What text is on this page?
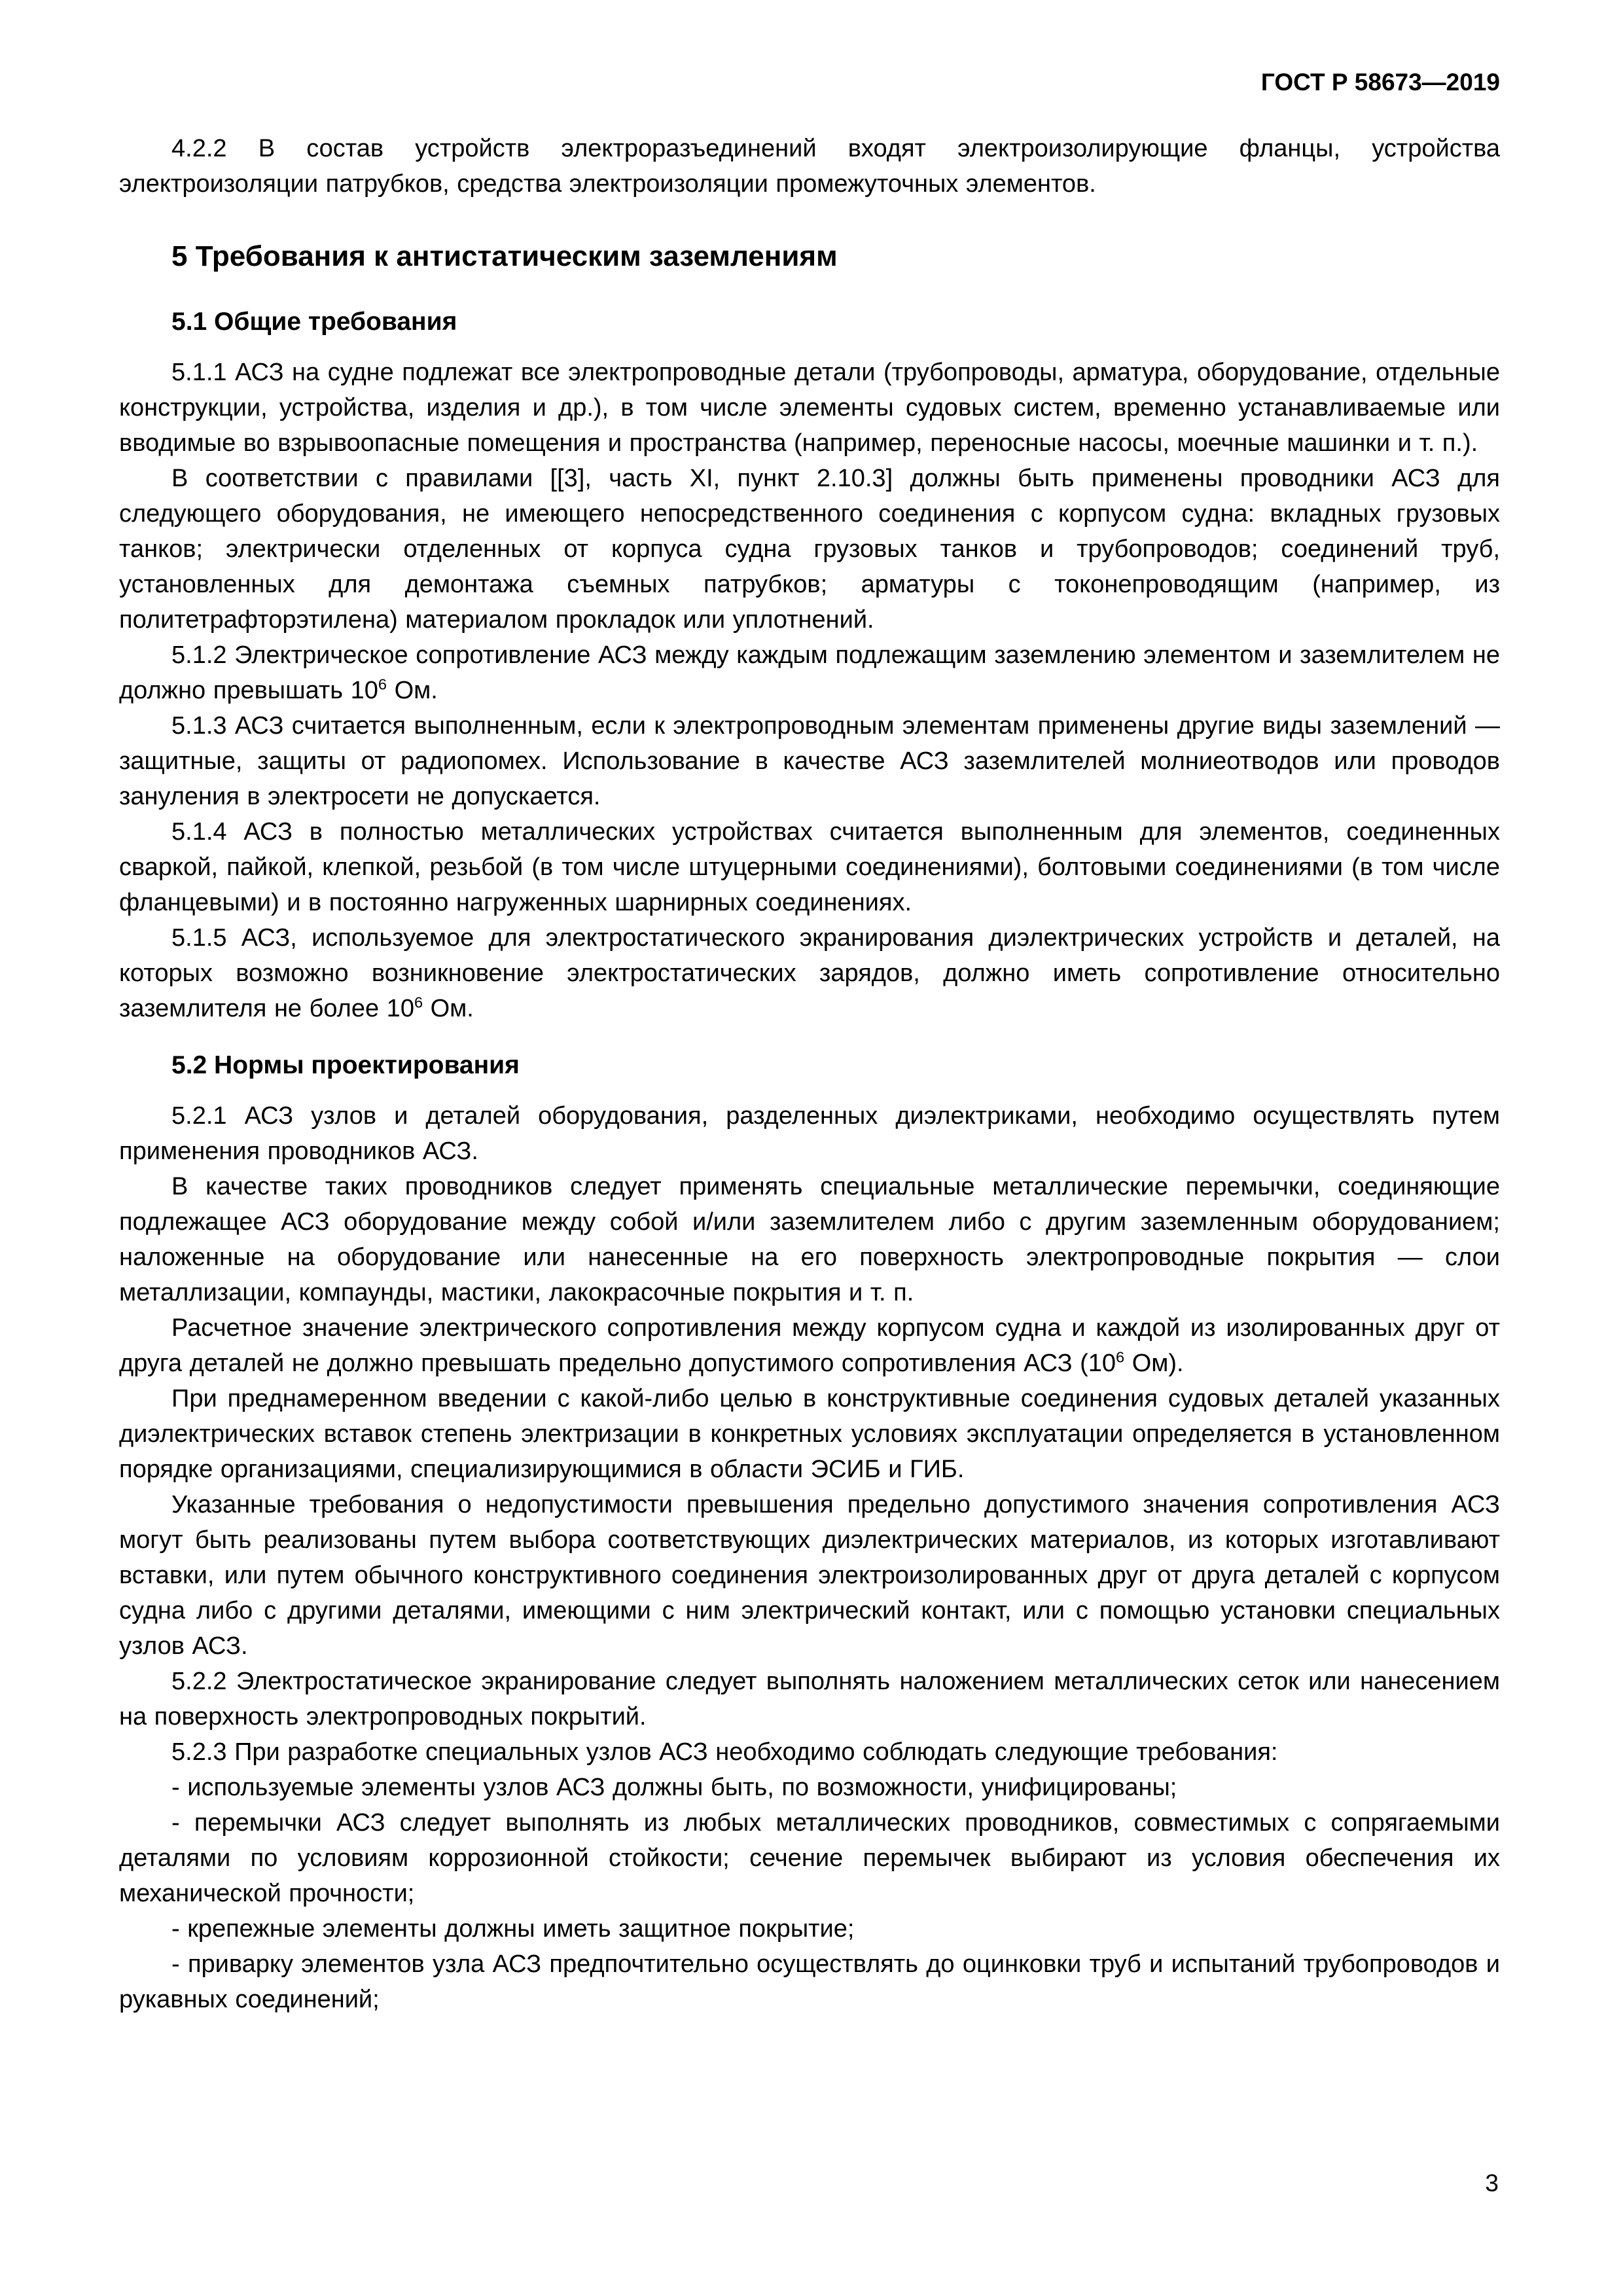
ГОСТ Р 58673—2019
4.2.2 В состав устройств электроразъединений входят электроизолирующие фланцы, устройства электроизоляции патрубков, средства электроизоляции промежуточных элементов.
5 Требования к антистатическим заземлениям
5.1 Общие требования
5.1.1 АСЗ на судне подлежат все электропроводные детали (трубопроводы, арматура, оборудование, отдельные конструкции, устройства, изделия и др.), в том числе элементы судовых систем, временно устанавливаемые или вводимые во взрывоопасные помещения и пространства (например, переносные насосы, моечные машинки и т. п.).
В соответствии с правилами [[3], часть XI, пункт 2.10.3] должны быть применены проводники АСЗ для следующего оборудования, не имеющего непосредственного соединения с корпусом судна: вкладных грузовых танков; электрически отделенных от корпуса судна грузовых танков и трубопроводов; соединений труб, установленных для демонтажа съемных патрубков; арматуры с токонепроводящим (например, из политетрафторэтилена) материалом прокладок или уплотнений.
5.1.2 Электрическое сопротивление АСЗ между каждым подлежащим заземлению элементом и заземлителем не должно превышать $10^6$ Ом.
5.1.3 АСЗ считается выполненным, если к электропроводным элементам применены другие виды заземлений — защитные, защиты от радиопомех. Использование в качестве АСЗ заземлителей молниеотводов или проводов зануления в электросети не допускается.
5.1.4 АСЗ в полностью металлических устройствах считается выполненным для элементов, соединенных сваркой, пайкой, клепкой, резьбой (в том числе штуцерными соединениями), болтовыми соединениями (в том числе фланцевыми) и в постоянно нагруженных шарнирных соединениях.
5.1.5 АСЗ, используемое для электростатического экранирования диэлектрических устройств и деталей, на которых возможно возникновение электростатических зарядов, должно иметь сопротивление относительно заземлителя не более $10^6$ Ом.
5.2 Нормы проектирования
5.2.1 АСЗ узлов и деталей оборудования, разделенных диэлектриками, необходимо осуществлять путем применения проводников АСЗ.
В качестве таких проводников следует применять специальные металлические перемычки, соединяющие подлежащее АСЗ оборудование между собой и/или заземлителем либо с другим заземленным оборудованием; наложенные на оборудование или нанесенные на его поверхность электропроводные покрытия — слои металлизации, компаунды, мастики, лакокрасочные покрытия и т. п.
Расчетное значение электрического сопротивления между корпусом судна и каждой из изолированных друг от друга деталей не должно превышать предельно допустимого сопротивления АСЗ ($10^6$ Ом).
При преднамеренном введении с какой-либо целью в конструктивные соединения судовых деталей указанных диэлектрических вставок степень электризации в конкретных условиях эксплуатации определяется в установленном порядке организациями, специализирующимися в области ЭСИБ и ГИБ.
Указанные требования о недопустимости превышения предельно допустимого значения сопротивления АСЗ могут быть реализованы путем выбора соответствующих диэлектрических материалов, из которых изготавливают вставки, или путем обычного конструктивного соединения электроизолированных друг от друга деталей с корпусом судна либо с другими деталями, имеющими с ним электрический контакт, или с помощью установки специальных узлов АСЗ.
5.2.2 Электростатическое экранирование следует выполнять наложением металлических сеток или нанесением на поверхность электропроводных покрытий.
5.2.3 При разработке специальных узлов АСЗ необходимо соблюдать следующие требования:
- используемые элементы узлов АСЗ должны быть, по возможности, унифицированы;
- перемычки АСЗ следует выполнять из любых металлических проводников, совместимых с сопрягаемыми деталями по условиям коррозионной стойкости; сечение перемычек выбирают из условия обеспечения их механической прочности;
- крепежные элементы должны иметь защитное покрытие;
- приварку элементов узла АСЗ предпочтительно осуществлять до оцинковки труб и испытаний трубопроводов и рукавных соединений;
3
